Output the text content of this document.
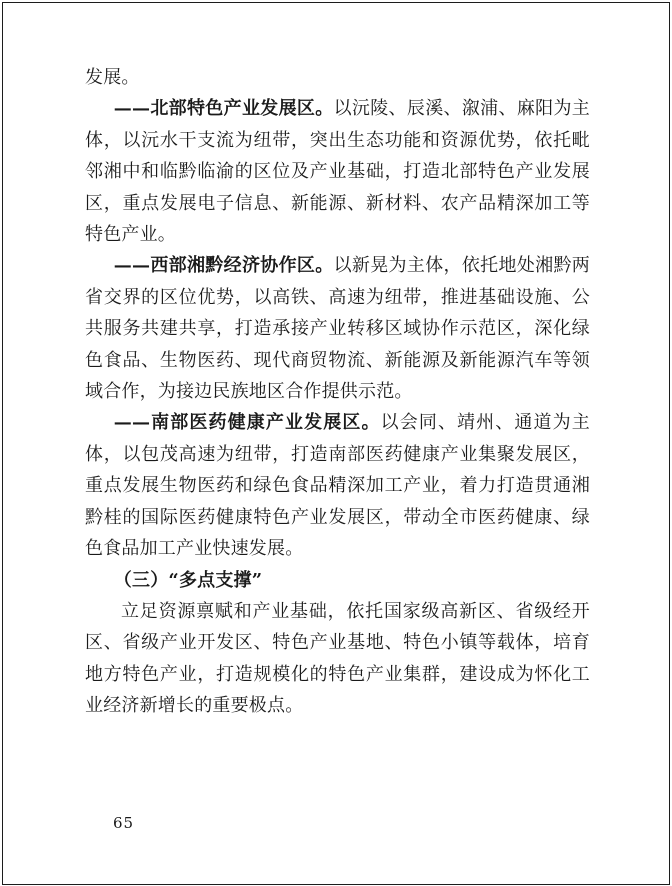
发展。

——北部特色产业发展区。以沅陵、辰溪、溆浦、麻阳为主体，以沅水干支流为纽带，突出生态功能和资源优势，依托毗邻湘中和临黔临渝的区位及产业基础，打造北部特色产业发展区，重点发展电子信息、新能源、新材料、农产品精深加工等特色产业。

——西部湘黔经济协作区。以新晃为主体，依托地处湘黔两省交界的区位优势，以高铁、高速为纽带，推进基础设施、公共服务共建共享，打造承接产业转移区域协作示范区，深化绿色食品、生物医药、现代商贸物流、新能源及新能源汽车等领域合作，为接边民族地区合作提供示范。

——南部医药健康产业发展区。以会同、靖州、通道为主体，以包茂高速为纽带，打造南部医药健康产业集聚发展区，重点发展生物医药和绿色食品精深加工产业，着力打造贯通湘黔桂的国际医药健康特色产业发展区，带动全市医药健康、绿色食品加工产业快速发展。

（三）“多点支撑”

立足资源禀赋和产业基础，依托国家级高新区、省级经开区、省级产业开发区、特色产业基地、特色小镇等载体，培育地方特色产业，打造规模化的特色产业集群，建设成为怀化工业经济新增长的重要极点。

65
